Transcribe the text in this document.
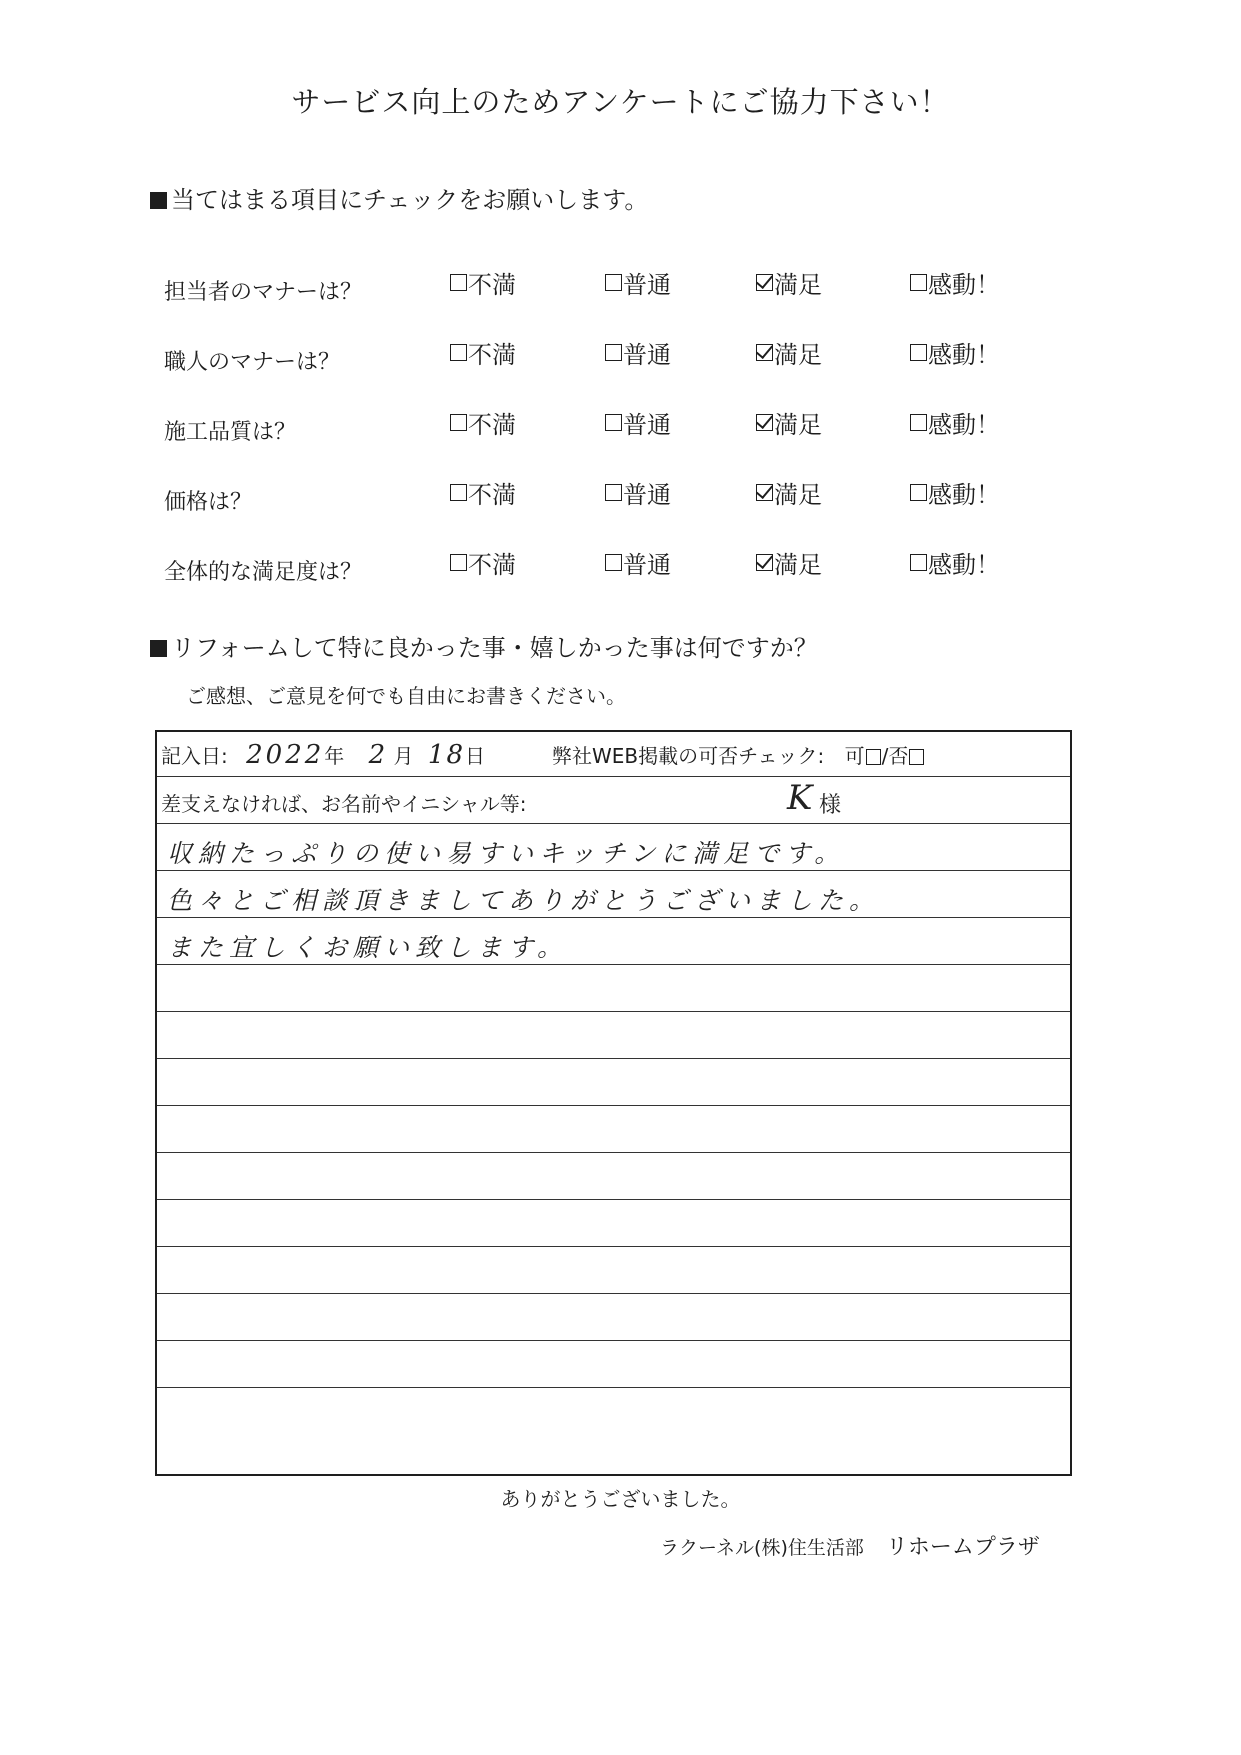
サービス向上のためアンケートにご協力下さい！
当てはまる項目にチェックをお願いします。
担当者のマナーは？	不満	普通	満足	感動！
職人のマナーは？	不満	普通	満足	感動！
施工品質は？	不満	普通	満足	感動！
価格は？	不満	普通	満足	感動！
全体的な満足度は？	不満	普通	満足	感動！
リフォームして特に良かった事・嬉しかった事は何ですか？
ご感想、ご意見を何でも自由にお書きください。
記入日: 2022年 2 月 18日	弊社WEB掲載の可否チェック: 可 /否
差支えなければ、お名前やイニシャル等:	K 様
収納たっぷりの使い易すいキッチンに満足です。
色々とご相談頂きましてありがとうございました。
また宜しくお願い致します。
ありがとうございました。
ラクーネル(株)住生活部 リホームプラザ
